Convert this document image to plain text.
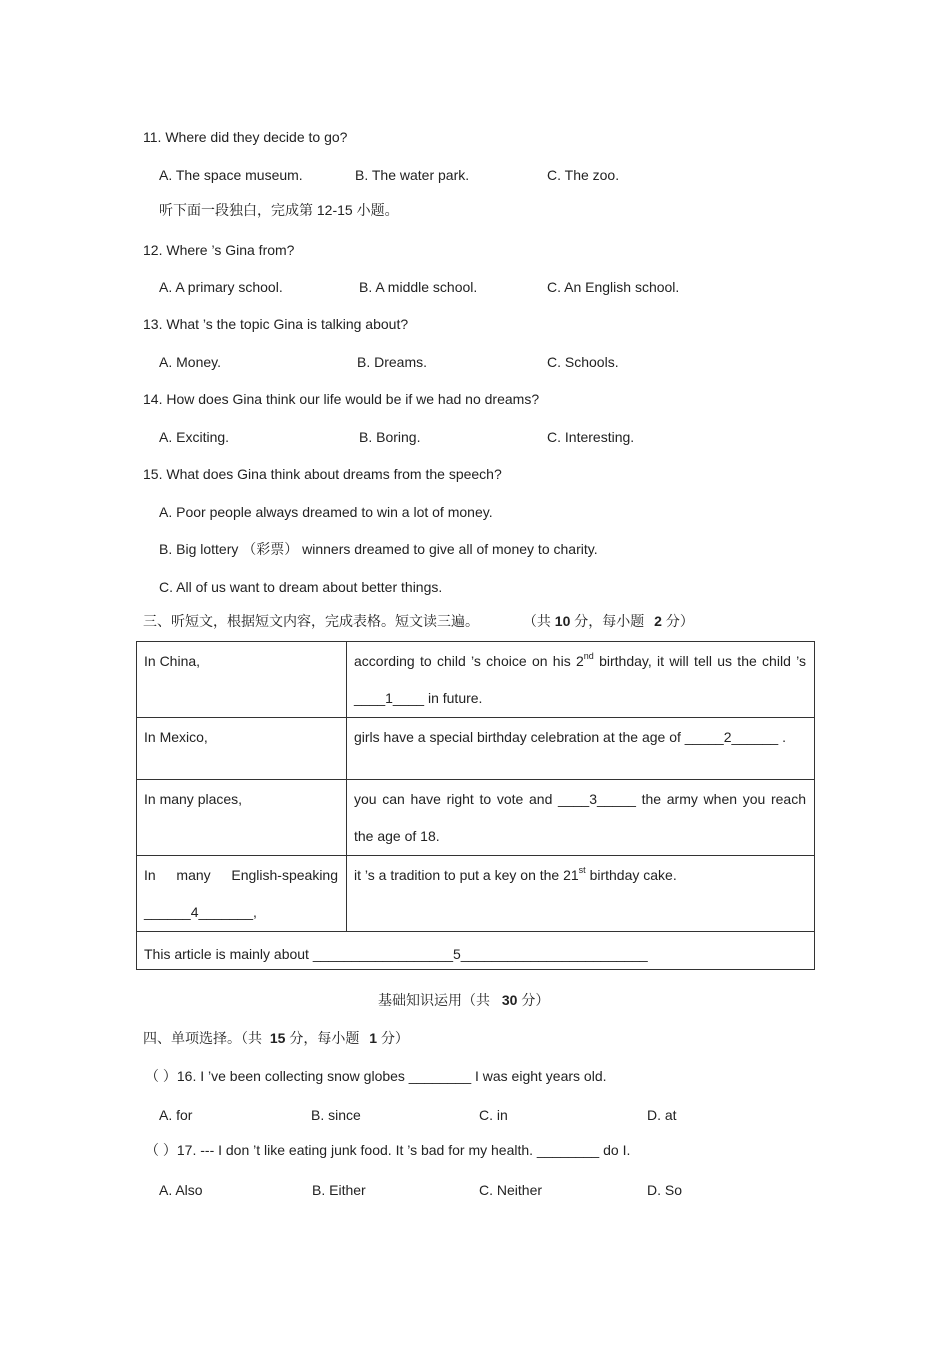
11. Where did they decide to go?
A. The space museum.	B. The water park.	C. The zoo.
听下面一段独白，完成第 12-15 小题。
12. Where ’s Gina from?
A. A primary school.	B. A middle school.	C. An English school.
13. What ’s the topic Gina is talking about?
A. Money.	B. Dreams.	C. Schools.
14. How does Gina think our life would be if we had no dreams?
A. Exciting.	B. Boring.	C. Interesting.
15. What does Gina think about dreams from the speech?
A. Poor people always dreamed to win a lot of money.
B. Big lottery （彩票） winners dreamed to give all of money to charity.
C. All of us want to dream about better things.
三、听短文，根据短文内容，完成表格。短文读三遍。	（共 10 分，每小题 2 分）
In China,	according to child ’s choice on his 2nd birthday, it will tell us the child ’s ____1____ in future.
In Mexico,	girls have a special birthday celebration at the age of _____2______ .
In many places,	you can have right to vote and ____3_____ the army when you reach the age of 18.
In many English-speaking ______4_______,	it ’s a tradition to put a key on the 21st birthday cake.
This article is mainly about __________________5________________________	
基础知识运用（共 30 分）
四、单项选择。（共 15 分，每小题 1 分）
（ ）16. I ’ve been collecting snow globes ________ I was eight years old.
A. for	B. since	C. in	D. at
（ ）17. --- I don ’t like eating junk food. It ’s bad for my health. ________ do I.
A. Also	B. Either	C. Neither	D. So
